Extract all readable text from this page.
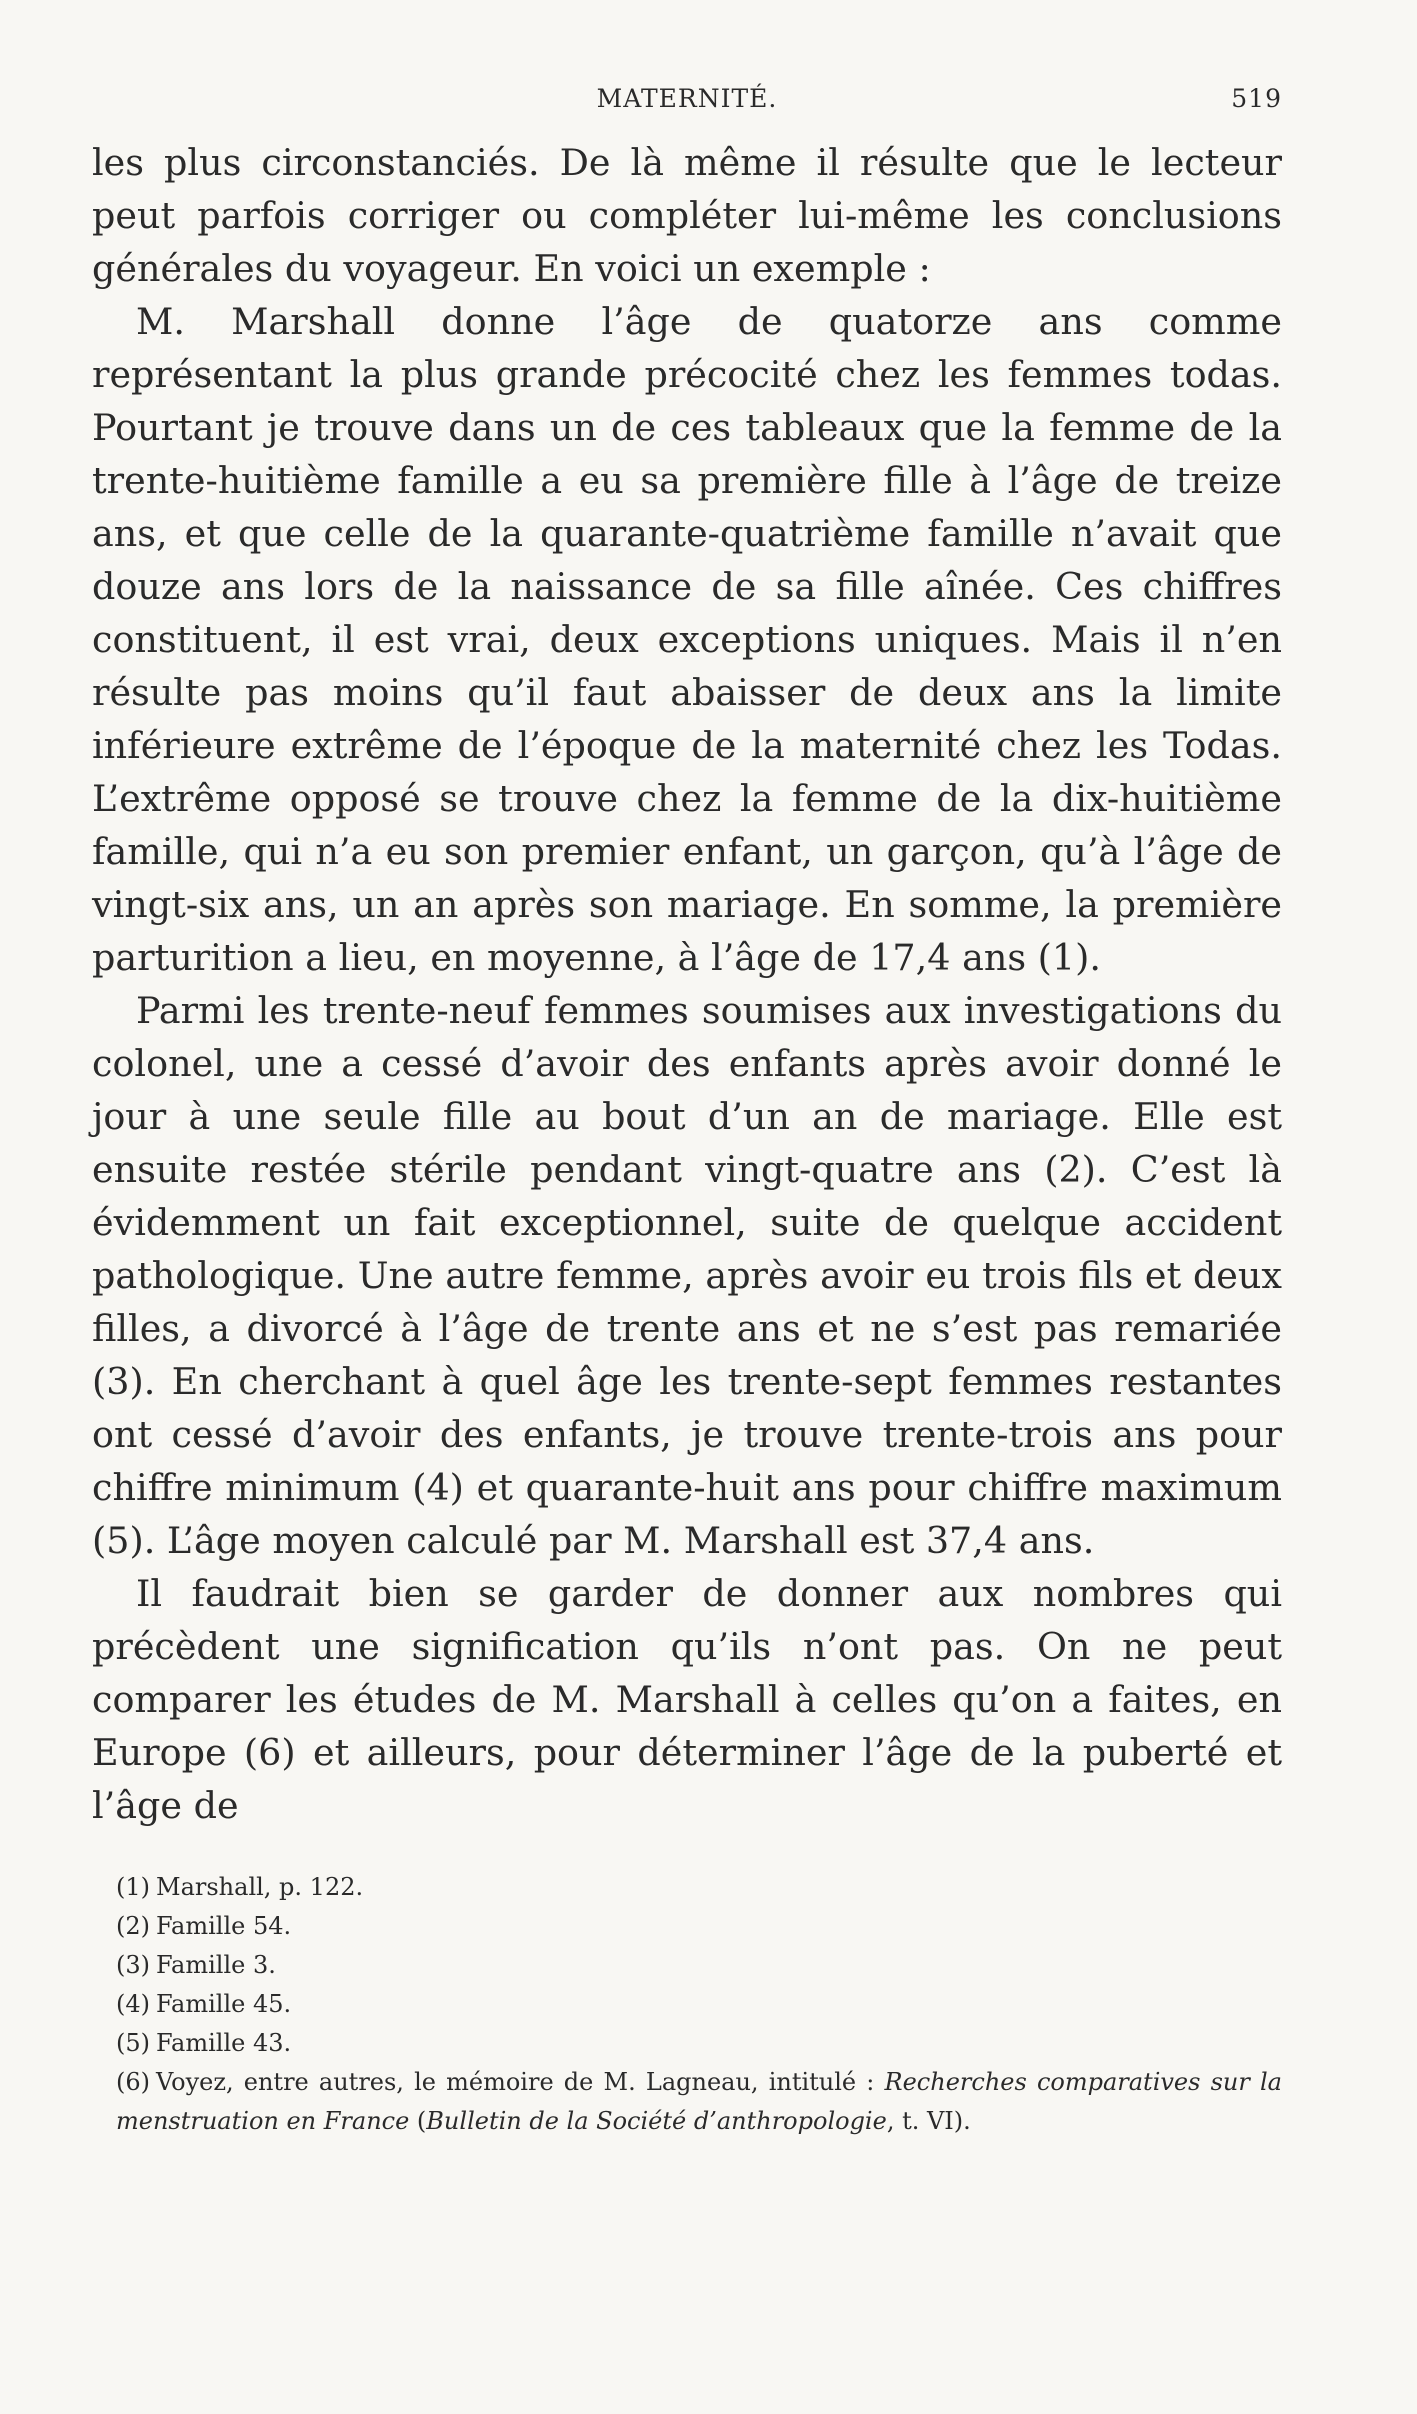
MATERNITÉ.	519

les plus circonstanciés. De là même il résulte que le lecteur peut parfois corriger ou compléter lui-même les conclusions générales du voyageur. En voici un exemple :

M. Marshall donne l’âge de quatorze ans comme représentant la plus grande précocité chez les femmes todas. Pourtant je trouve dans un de ces tableaux que la femme de la trente-huitième famille a eu sa première fille à l’âge de treize ans, et que celle de la quarante-quatrième famille n’avait que douze ans lors de la naissance de sa fille aînée. Ces chiffres constituent, il est vrai, deux exceptions uniques. Mais il n’en résulte pas moins qu’il faut abaisser de deux ans la limite inférieure extrême de l’époque de la maternité chez les Todas. L’extrême opposé se trouve chez la femme de la dix-huitième famille, qui n’a eu son premier enfant, un garçon, qu’à l’âge de vingt-six ans, un an après son mariage. En somme, la première parturition a lieu, en moyenne, à l’âge de 17,4 ans (1).

Parmi les trente-neuf femmes soumises aux investigations du colonel, une a cessé d’avoir des enfants après avoir donné le jour à une seule fille au bout d’un an de mariage. Elle est ensuite restée stérile pendant vingt-quatre ans (2). C’est là évidemment un fait exceptionnel, suite de quelque accident pathologique. Une autre femme, après avoir eu trois fils et deux filles, a divorcé à l’âge de trente ans et ne s’est pas remariée (3). En cherchant à quel âge les trente-sept femmes restantes ont cessé d’avoir des enfants, je trouve trente-trois ans pour chiffre minimum (4) et quarante-huit ans pour chiffre maximum (5). L’âge moyen calculé par M. Marshall est 37,4 ans.

Il faudrait bien se garder de donner aux nombres qui précèdent une signification qu’ils n’ont pas. On ne peut comparer les études de M. Marshall à celles qu’on a faites, en Europe (6) et ailleurs, pour déterminer l’âge de la puberté et l’âge de

(1) Marshall, p. 122.
(2) Famille 54.
(3) Famille 3.
(4) Famille 45.
(5) Famille 43.
(6) Voyez, entre autres, le mémoire de M. Lagneau, intitulé : Recherches comparatives sur la menstruation en France (Bulletin de la Société d’anthropologie, t. VI).
